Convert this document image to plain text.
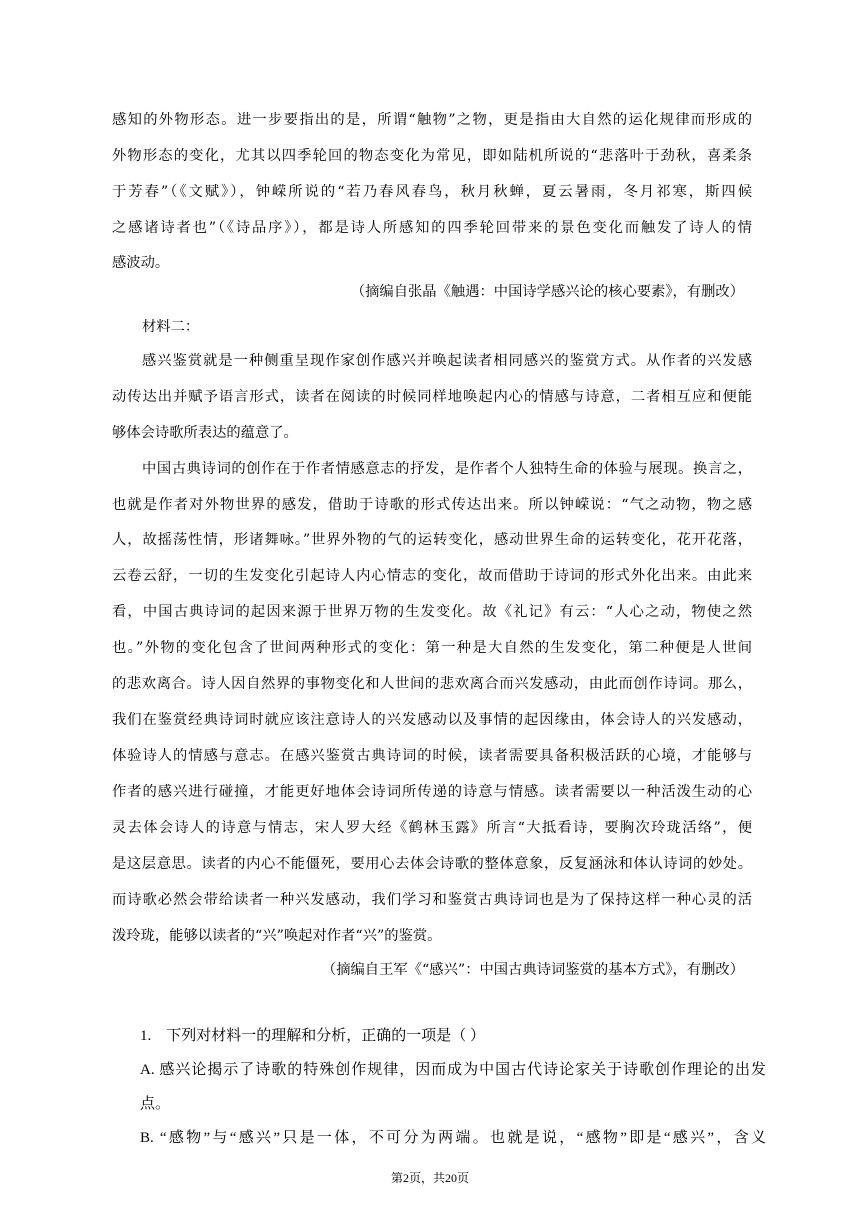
感知的外物形态。进一步要指出的是，所谓“触物”之物，更是指由大自然的运化规律而形成的
外物形态的变化，尤其以四季轮回的物态变化为常见，即如陆机所说的“悲落叶于劲秋，喜柔条
于芳春”（《文赋》），钟嵘所说的“若乃春风春鸟，秋月秋蝉，夏云暑雨，冬月祁寒，斯四候
之感诸诗者也”（《诗品序》），都是诗人所感知的四季轮回带来的景色变化而触发了诗人的情
感波动。
（摘编自张晶《触遇：中国诗学感兴论的核心要素》，有删改）
材料二：
感兴鉴赏就是一种侧重呈现作家创作感兴并唤起读者相同感兴的鉴赏方式。从作者的兴发感
动传达出并赋予语言形式，读者在阅读的时候同样地唤起内心的情感与诗意，二者相互应和便能
够体会诗歌所表达的蕴意了。
中国古典诗词的创作在于作者情感意志的抒发，是作者个人独特生命的体验与展现。换言之，
也就是作者对外物世界的感发，借助于诗歌的形式传达出来。所以钟嵘说：“气之动物，物之感
人，故摇荡性情，形诸舞咏。”世界外物的气的运转变化，感动世界生命的运转变化，花开花落，
云卷云舒，一切的生发变化引起诗人内心情志的变化，故而借助于诗词的形式外化出来。由此来
看，中国古典诗词的起因来源于世界万物的生发变化。故《礼记》有云：“人心之动，物使之然
也。”外物的变化包含了世间两种形式的变化：第一种是大自然的生发变化，第二种便是人世间
的悲欢离合。诗人因自然界的事物变化和人世间的悲欢离合而兴发感动，由此而创作诗词。那么，
我们在鉴赏经典诗词时就应该注意诗人的兴发感动以及事情的起因缘由，体会诗人的兴发感动，
体验诗人的情感与意志。在感兴鉴赏古典诗词的时候，读者需要具备积极活跃的心境，才能够与
作者的感兴进行碰撞，才能更好地体会诗词所传递的诗意与情感。读者需要以一种活泼生动的心
灵去体会诗人的诗意与情志，宋人罗大经《鹤林玉露》所言“大抵看诗，要胸次玲珑活络”，便
是这层意思。读者的内心不能僵死，要用心去体会诗歌的整体意象，反复涵泳和体认诗词的妙处。
而诗歌必然会带给读者一种兴发感动，我们学习和鉴赏古典诗词也是为了保持这样一种心灵的活
泼玲珑，能够以读者的“兴”唤起对作者“兴”的鉴赏。
（摘编自王军《“感兴”：中国古典诗词鉴赏的基本方式》，有删改）
1. 下列对材料一的理解和分析，正确的一项是（ ）
A. 感兴论揭示了诗歌的特殊创作规律，因而成为中国古代诗论家关于诗歌创作理论的出发
点。
B. “感物”与“感兴”只是一体，不可分为两端。也就是说，“感物”即是“感兴”，含义
第2页，共20页
